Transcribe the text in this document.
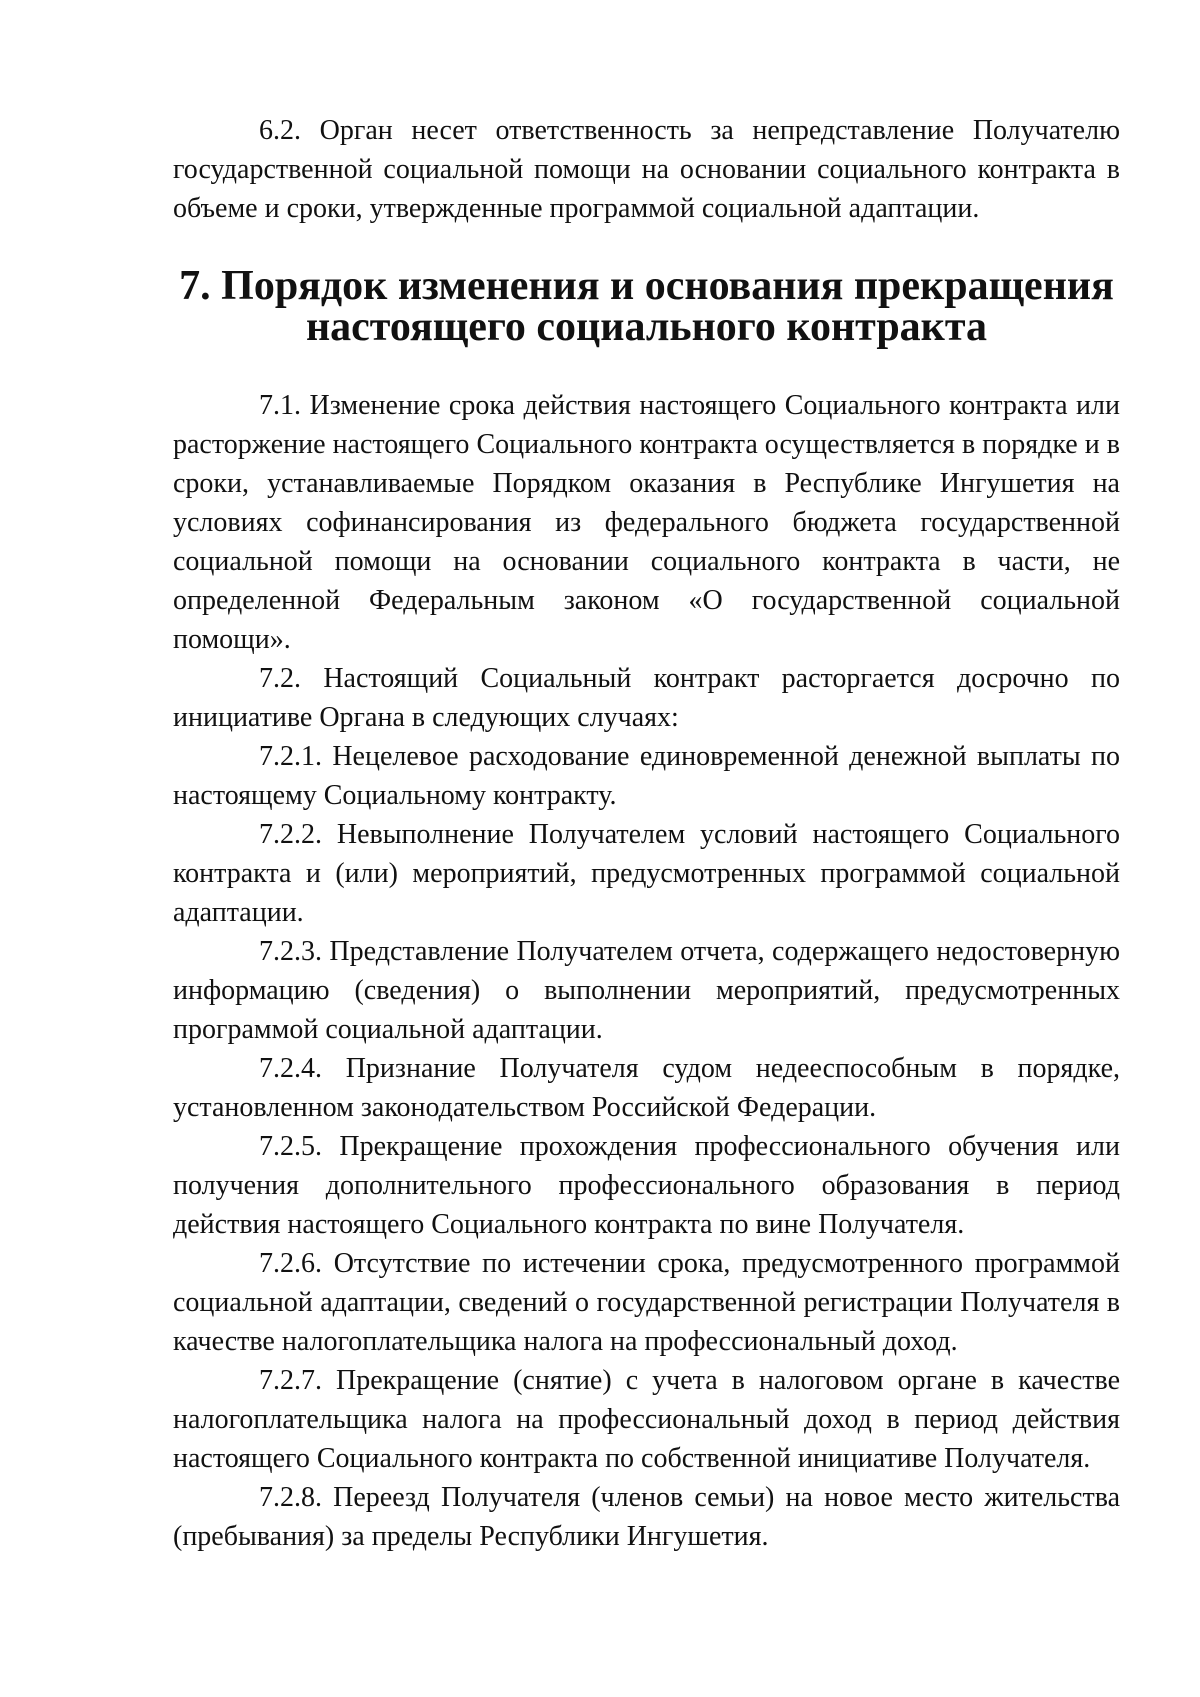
6.2. Орган несет ответственность за непредставление Получателю государственной социальной помощи на основании социального контракта в объеме и сроки, утвержденные программой социальной адаптации.

7. Порядок изменения и основания прекращения
настоящего социального контракта

7.1. Изменение срока действия настоящего Социального контракта или расторжение настоящего Социального контракта осуществляется в порядке и в сроки, устанавливаемые Порядком оказания в Республике Ингушетия на условиях софинансирования из федерального бюджета государственной социальной помощи на основании социального контракта в части, не определенной Федеральным законом «О государственной социальной помощи».

7.2. Настоящий Социальный контракт расторгается досрочно по инициативе Органа в следующих случаях:

7.2.1. Нецелевое расходование единовременной денежной выплаты по настоящему Социальному контракту.

7.2.2. Невыполнение Получателем условий настоящего Социального контракта и (или) мероприятий, предусмотренных программой социальной адаптации.

7.2.3. Представление Получателем отчета, содержащего недостоверную информацию (сведения) о выполнении мероприятий, предусмотренных программой социальной адаптации.

7.2.4. Признание Получателя судом недееспособным в порядке, установленном законодательством Российской Федерации.

7.2.5. Прекращение прохождения профессионального обучения или получения дополнительного профессионального образования в период действия настоящего Социального контракта по вине Получателя.

7.2.6. Отсутствие по истечении срока, предусмотренного программой социальной адаптации, сведений о государственной регистрации Получателя в качестве налогоплательщика налога на профессиональный доход.

7.2.7. Прекращение (снятие) с учета в налоговом органе в качестве налогоплательщика налога на профессиональный доход в период действия настоящего Социального контракта по собственной инициативе Получателя.

7.2.8. Переезд Получателя (членов семьи) на новое место жительства (пребывания) за пределы Республики Ингушетия.
